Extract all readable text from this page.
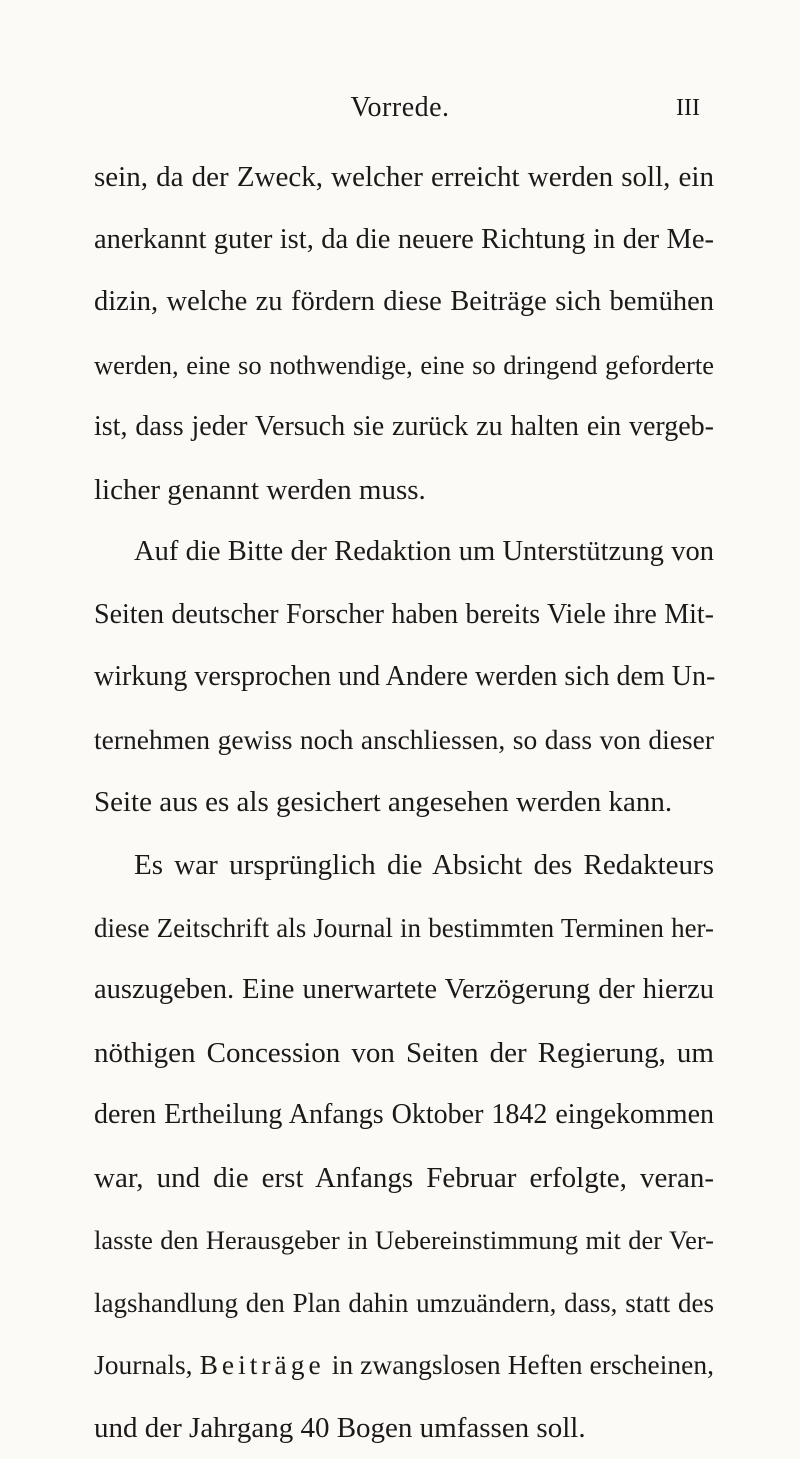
Vorrede.	III
sein, da der Zweck, welcher erreicht werden soll, ein
anerkannt guter ist, da die neuere Richtung in der Me-
dizin, welche zu fördern diese Beiträge sich bemühen
werden, eine so nothwendige, eine so dringend geforderte
ist, dass jeder Versuch sie zurück zu halten ein vergeb-
licher genannt werden muss.
Auf die Bitte der Redaktion um Unterstützung von
Seiten deutscher Forscher haben bereits Viele ihre Mit-
wirkung versprochen und Andere werden sich dem Un-
ternehmen gewiss noch anschliessen, so dass von dieser
Seite aus es als gesichert angesehen werden kann.
Es war ursprünglich die Absicht des Redakteurs
diese Zeitschrift als Journal in bestimmten Terminen her-
auszugeben. Eine unerwartete Verzögerung der hierzu
nöthigen Concession von Seiten der Regierung, um
deren Ertheilung Anfangs Oktober 1842 eingekommen
war, und die erst Anfangs Februar erfolgte, veran-
lasste den Herausgeber in Uebereinstimmung mit der Ver-
lagshandlung den Plan dahin umzuändern, dass, statt des
Journals, Beiträge in zwangslosen Heften erscheinen,
und der Jahrgang 40 Bogen umfassen soll.
